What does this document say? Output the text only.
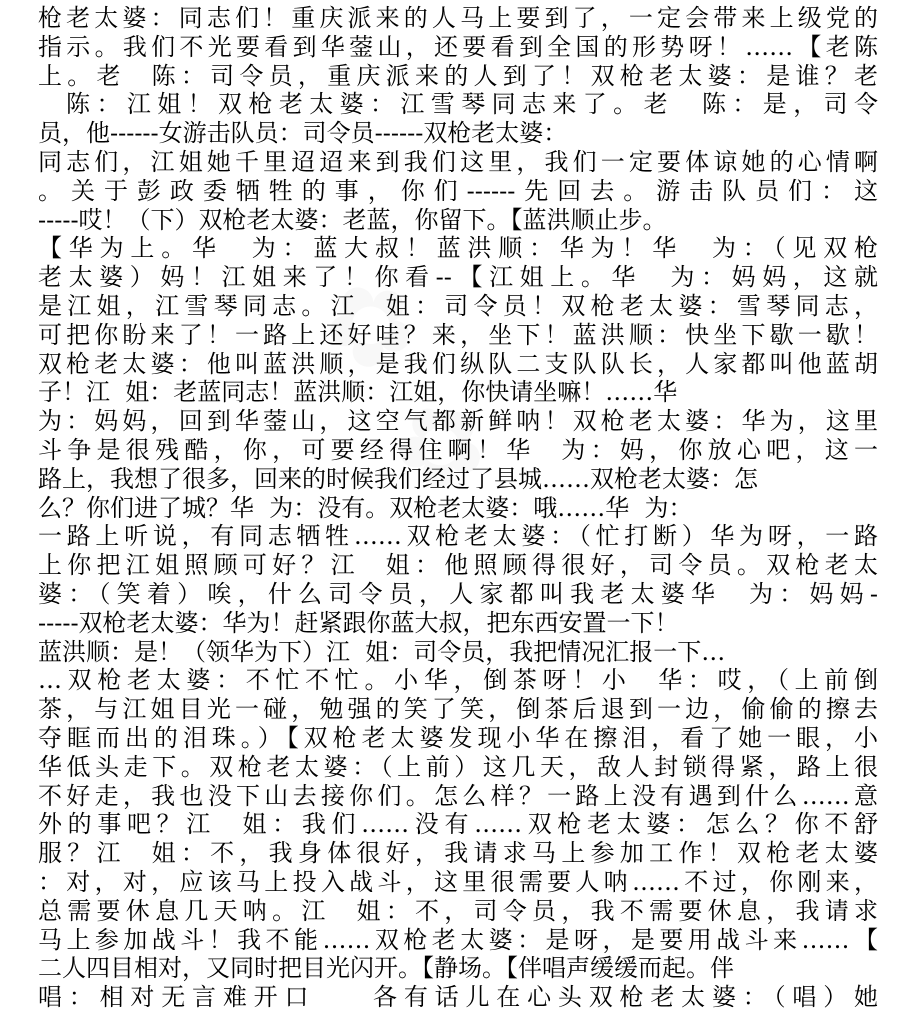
✿
✿
枪老太婆：同志们！重庆派来的人马上要到了，一定会带来上级党的
指示。我们不光要看到华蓥山，还要看到全国的形势呀！……【老陈
上。老  陈：司令员，重庆派来的人到了！双枪老太婆：是谁？老
陈：江姐！双枪老太婆：江雪琴同志来了。老  陈：是，司令
员，他------女游击队员：司令员------双枪老太婆：
同志们，江姐她千里迢迢来到我们这里，我们一定要体谅她的心情啊
。关于彭政委牺牲的事，你们------先回去。游击队员们：这
-----哎！（下）双枪老太婆：老蓝，你留下。【蓝洪顺止步。
【华为上。华  为：蓝大叔！蓝洪顺：华为！华  为：（见双枪
老太婆）妈！江姐来了！你看--【江姐上。华  为：妈妈，这就
是江姐，江雪琴同志。江  姐：司令员！双枪老太婆：雪琴同志，
可把你盼来了！一路上还好哇？来，坐下！蓝洪顺：快坐下歇一歇！
双枪老太婆：他叫蓝洪顺，是我们纵队二支队队长，人家都叫他蓝胡
子！江  姐：老蓝同志！蓝洪顺：江姐，你快请坐嘛！……华
为：妈妈，回到华蓥山，这空气都新鲜呐！双枪老太婆：华为，这里
斗争是很残酷，你，可要经得住啊！华  为：妈，你放心吧，这一
路上，我想了很多，回来的时候我们经过了县城……双枪老太婆：怎
么？你们进了城？华  为：没有。双枪老太婆：哦……华  为：
一路上听说，有同志牺牲……双枪老太婆：（忙打断）华为呀，一路
上你把江姐照顾可好？江  姐：他照顾得很好，司令员。双枪老太
婆：（笑着）唉，什么司令员，人家都叫我老太婆华  为：妈妈-
-----双枪老太婆：华为！赶紧跟你蓝大叔，把东西安置一下！
蓝洪顺：是！（领华为下）江  姐：司令员，我把情况汇报一下…
…双枪老太婆：不忙不忙。小华，倒茶呀！小  华：哎，（上前倒
茶，与江姐目光一碰，勉强的笑了笑，倒茶后退到一边，偷偷的擦去
夺眶而出的泪珠。）【双枪老太婆发现小华在擦泪，看了她一眼，小
华低头走下。双枪老太婆：（上前）这几天，敌人封锁得紧，路上很
不好走，我也没下山去接你们。怎么样？一路上没有遇到什么……意
外的事吧？江  姐：我们……没有……双枪老太婆：怎么？你不舒
服？江  姐：不，我身体很好，我请求马上参加工作！双枪老太婆
：对，对，应该马上投入战斗，这里很需要人呐……不过，你刚来，
总需要休息几天呐。江  姐：不，司令员，我不需要休息，我请求
马上参加战斗！我不能……双枪老太婆：是呀，是要用战斗来……【
二人四目相对，又同时把目光闪开。【静场。【伴唱声缓缓而起。伴
唱：相对无言难开口    各有话儿在心头双枪老太婆：（唱）她
